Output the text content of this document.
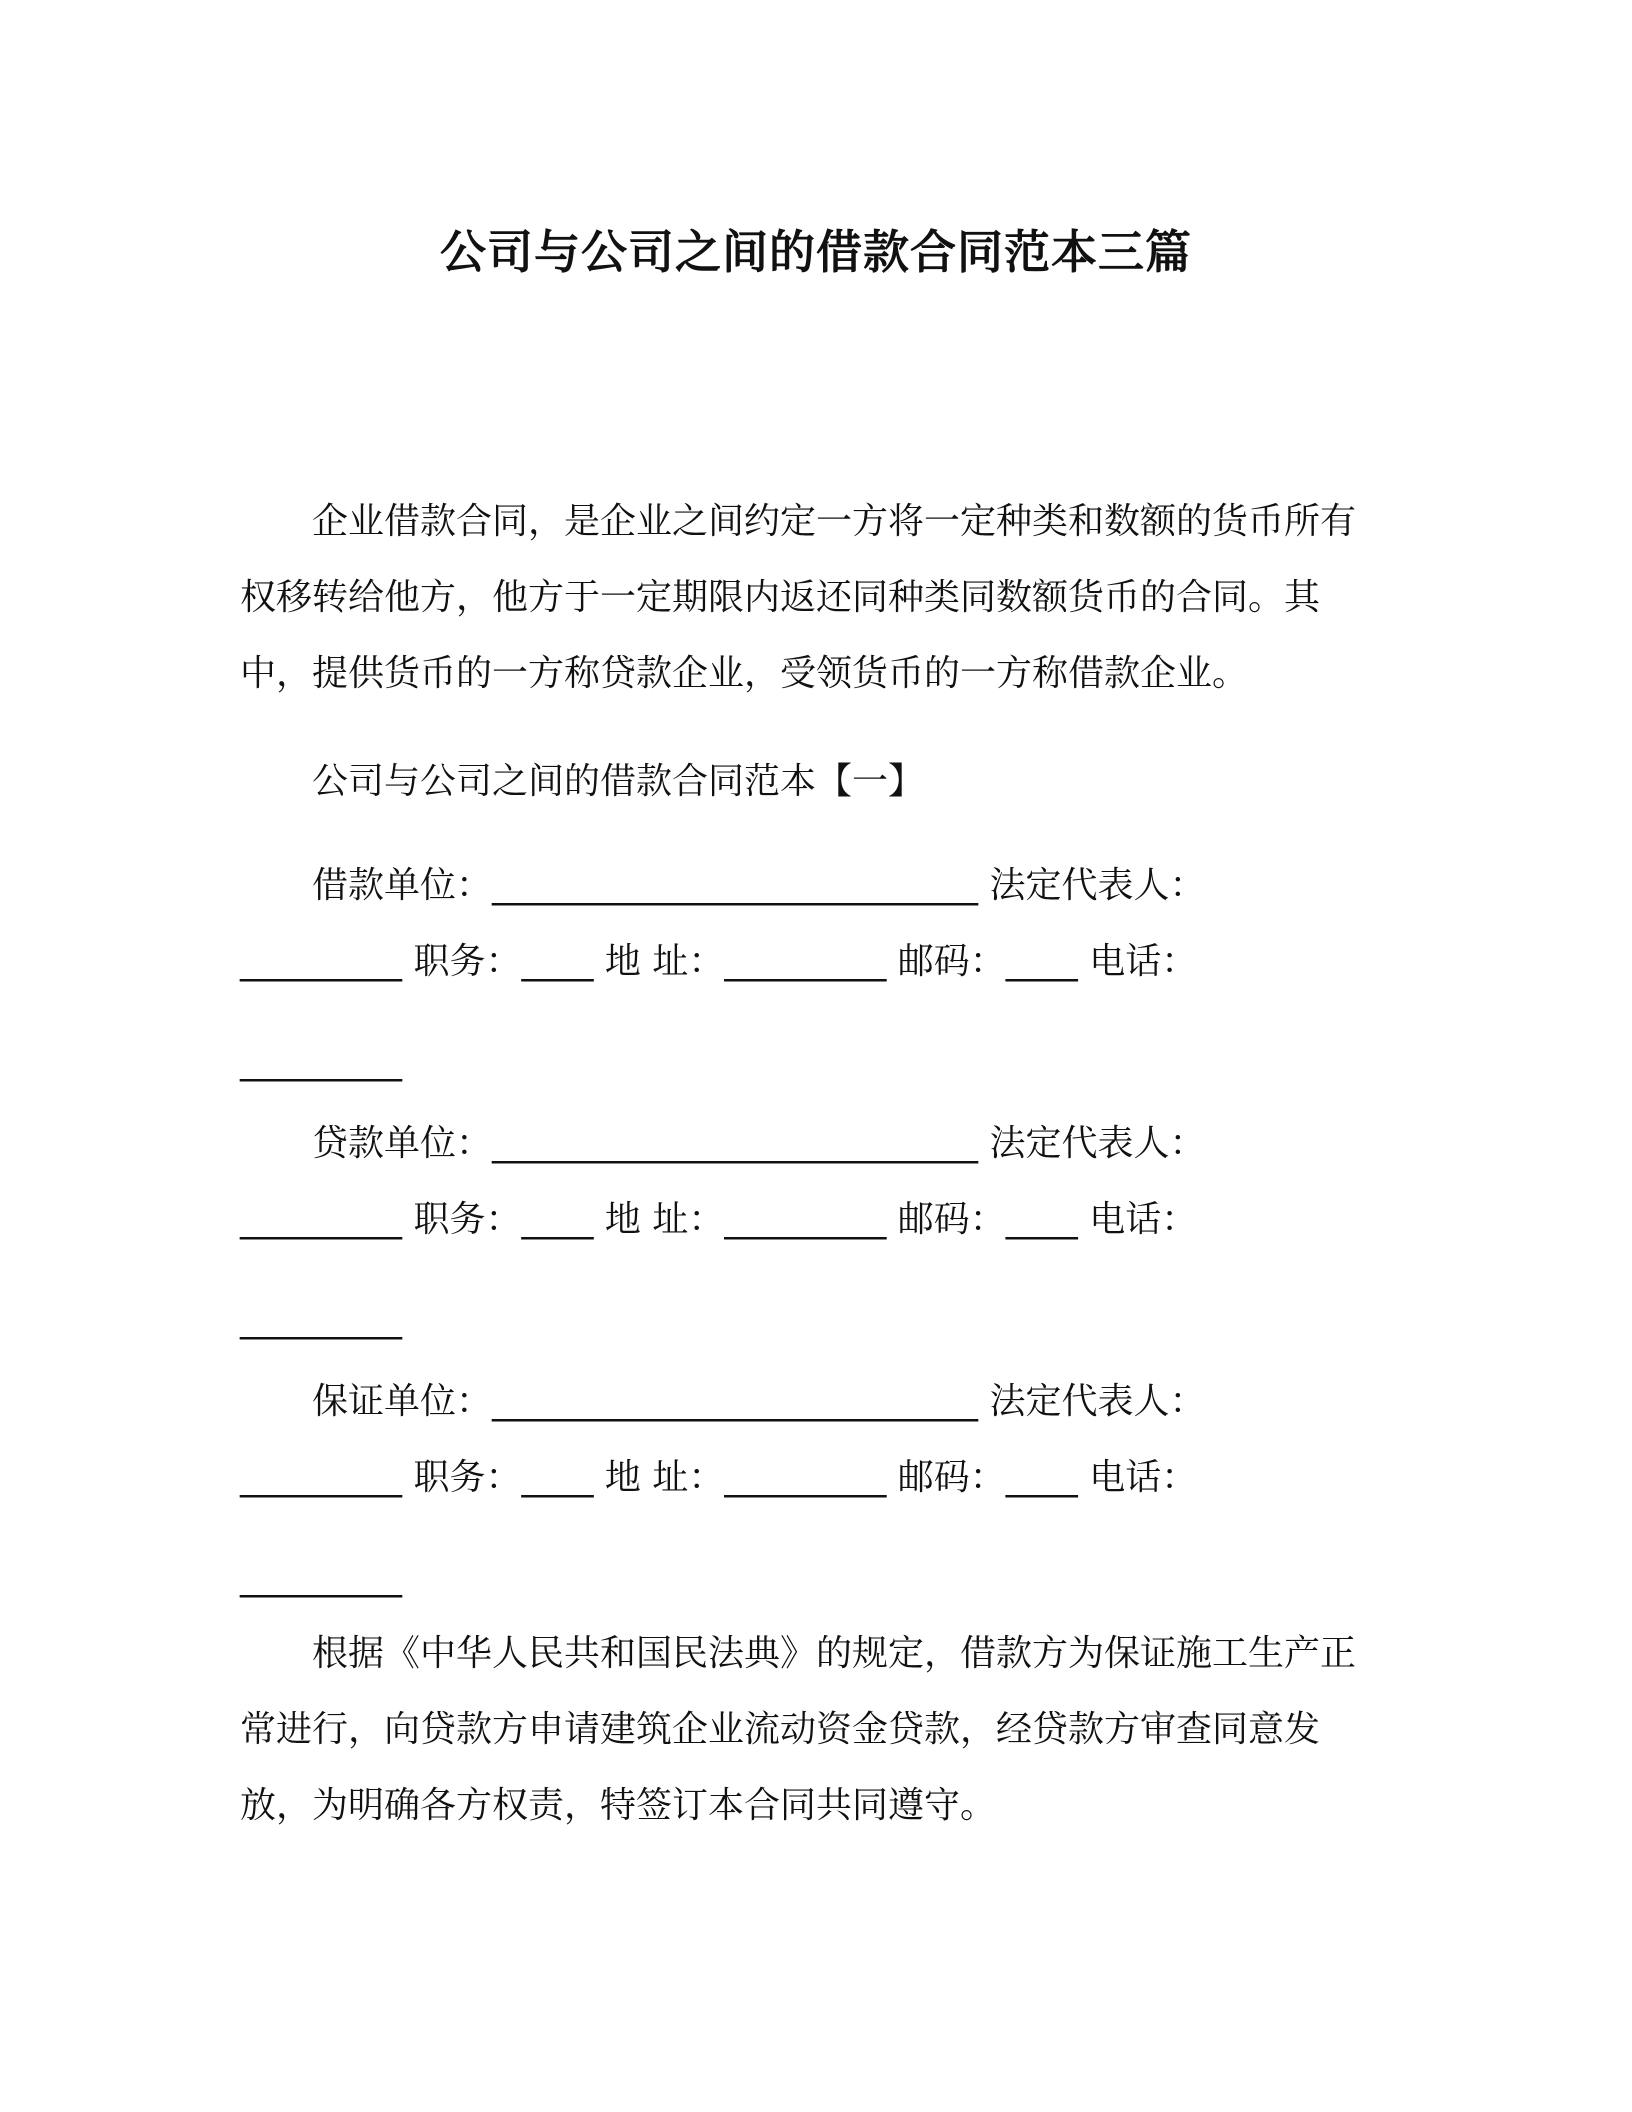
公司与公司之间的借款合同范本三篇

企业借款合同，是企业之间约定一方将一定种类和数额的货币所有权移转给他方，他方于一定期限内返还同种类同数额货币的合同。其中，提供货币的一方称贷款企业，受领货币的一方称借款企业。

公司与公司之间的借款合同范本【一】

借款单位：___________________________ 法定代表人：
_________ 职务：____ 地 址：_________ 邮码：____ 电话：
_________
贷款单位：___________________________ 法定代表人：
_________ 职务：____ 地 址：_________ 邮码：____ 电话：
_________
保证单位：___________________________ 法定代表人：
_________ 职务：____ 地 址：_________ 邮码：____ 电话：
_________

根据《中华人民共和国民法典》的规定，借款方为保证施工生产正常进行，向贷款方申请建筑企业流动资金贷款，经贷款方审查同意发放，为明确各方权责，特签订本合同共同遵守。
